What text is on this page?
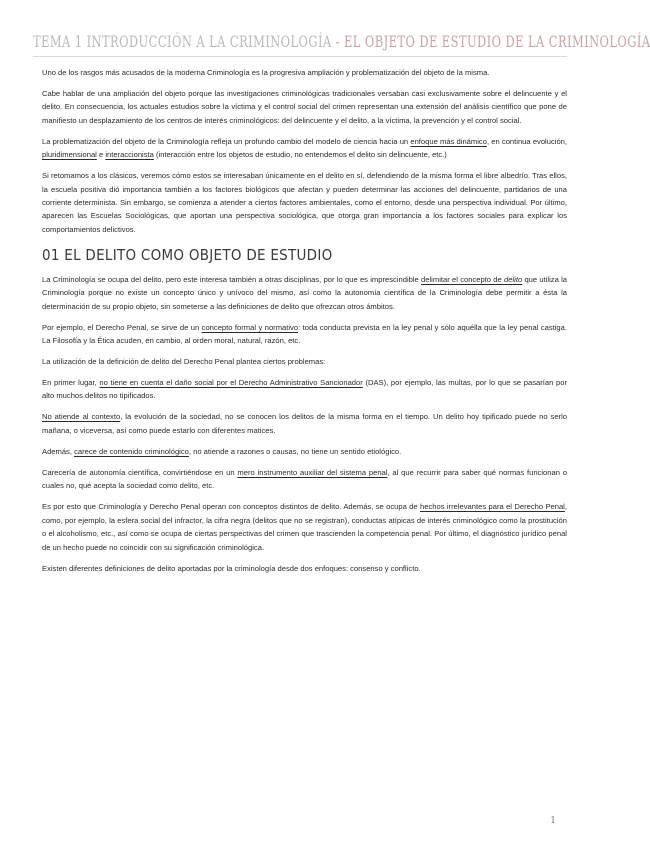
TEMA 1 INTRODUCCIÓN A LA CRIMINOLOGÍA - EL OBJETO DE ESTUDIO DE LA CRIMINOLOGÍA

Uno de los rasgos más acusados de la moderna Criminología es la progresiva ampliación y problematización del objeto de la misma.

Cabe hablar de una ampliación del objeto porque las investigaciones criminológicas tradicionales versaban casi exclusivamente sobre el delincuente y el delito. En consecuencia, los actuales estudios sobre la víctima y el control social del crimen representan una extensión del análisis científico que pone de manifiesto un desplazamiento de los centros de interés criminológicos: del delincuente y el delito, a la víctima, la prevención y el control social.

La problematización del objeto de la Criminología refleja un profundo cambio del modelo de ciencia hacia un enfoque más dinámico, en continua evolución, pluridimensional e interaccionista (interacción entre los objetos de estudio, no entendemos el delito sin delincuente, etc.)

Si retomamos a los clásicos, veremos cómo estos se interesaban únicamente en el delito en sí, defendiendo de la misma forma el libre albedrío. Tras ellos, la escuela positiva dió importancia también a los factores biológicos que afectan y pueden determinar las acciones del delincuente, partidarios de una corriente determinista. Sin embargo, se comienza a atender a ciertos factores ambientales, como el entorno, desde una perspectiva individual. Por último, aparecen las Escuelas Sociológicas, que aportan una perspectiva sociológica, que otorga gran importancia a los factores sociales para explicar los comportamientos delictivos.

01 EL DELITO COMO OBJETO DE ESTUDIO

La Criminología se ocupa del delito, pero este interesa también a otras disciplinas, por lo que es imprescindible delimitar el concepto de delito que utiliza la Criminología porque no existe un concepto único y unívoco del mismo, así como la autonomía científica de la Criminología debe permitir a ésta la determinación de su propio objeto, sin someterse a las definiciones de delito que ofrezcan otros ámbitos.

Por ejemplo, el Derecho Penal, se sirve de un concepto formal y normativo: toda conducta prevista en la ley penal y sólo aquélla que la ley penal castiga. La Filosofía y la Ética acuden, en cambio, al orden moral, natural, razón, etc.

La utilización de la definición de delito del Derecho Penal plantea ciertos problemas:

En primer lugar, no tiene en cuenta el daño social por el Derecho Administrativo Sancionador (DAS), por ejemplo, las multas, por lo que se pasarían por alto muchos delitos no tipificados.

No atiende al contexto, la evolución de la sociedad, no se conocen los delitos de la misma forma en el tiempo. Un delito hoy tipificado puede no serlo mañana, o viceversa, así como puede estarlo con diferentes matices.

Además, carece de contenido criminológico, no atiende a razones o causas, no tiene un sentido etiológico.

Carecería de autonomía científica, convirtiéndose en un mero instrumento auxiliar del sistema penal, al que recurrir para saber qué normas funcionan o cuales no, qué acepta la sociedad como delito, etc.

Es por esto que Criminología y Derecho Penal operan con conceptos distintos de delito. Además, se ocupa de hechos irrelevantes para el Derecho Penal, como, por ejemplo, la esfera social del infractor, la cifra negra (delitos que no se registran), conductas atípicas de interés criminológico como la prostitución o el alcoholismo, etc., así como se ocupa de ciertas perspectivas del crimen que trascienden la competencia penal. Por último, el diagnóstico jurídico penal de un hecho puede no coincidir con su significación criminológica.

Existen diferentes definiciones de delito aportadas por la criminología desde dos enfoques: consenso y conflicto.

1
